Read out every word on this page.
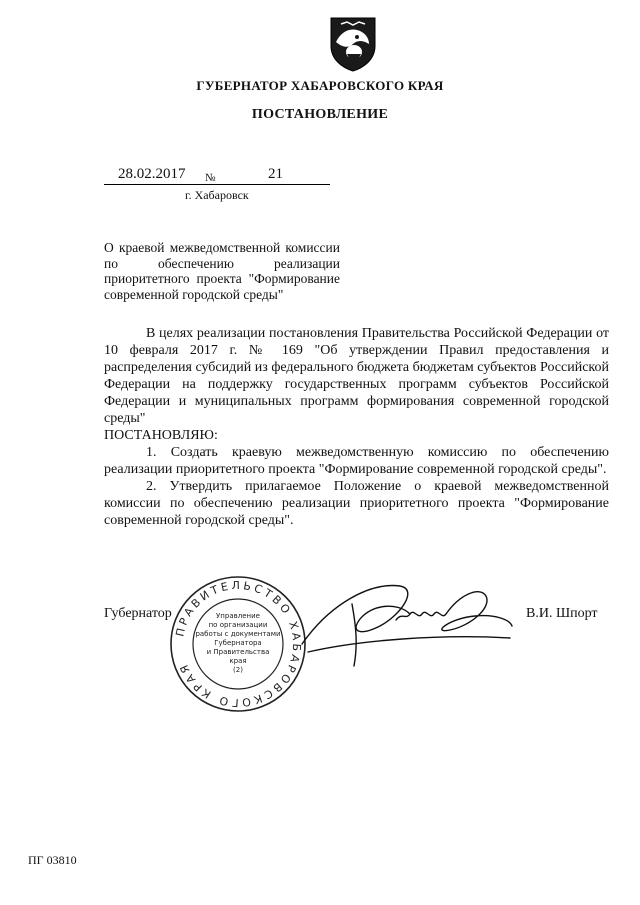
ГУБЕРНАТОР ХАБАРОВСКОГО КРАЯ
ПОСТАНОВЛЕНИЕ
28.02.2017 №	21
г. Хабаровск
О краевой межведомственной комиссии по обеспечению реализации приоритетного проекта "Формирование современной городской среды"

В целях реализации постановления Правительства Российской Федерации от 10 февраля 2017 г. № 169 "Об утверждении Правил предоставления и распределения субсидий из федерального бюджета бюджетам субъектов Российской Федерации на поддержку государственных программ субъектов Российской Федерации и муниципальных программ формирования современной городской среды"

ПОСТАНОВЛЯЮ:

1. Создать краевую межведомственную комиссию по обеспечению реализации приоритетного проекта "Формирование современной городской среды".

2. Утвердить прилагаемое Положение о краевой межведомственной комиссии по обеспечению реализации приоритетного проекта "Формирование современной городской среды".

Губернатор	В.И. Шпорт
ПРАВИТЕЛЬСТВО ХАБАРОВСКОГО КРАЯ
Управление
по организации
работы с документами
Губернатора
и Правительства
края
(2)
ПГ 03810
